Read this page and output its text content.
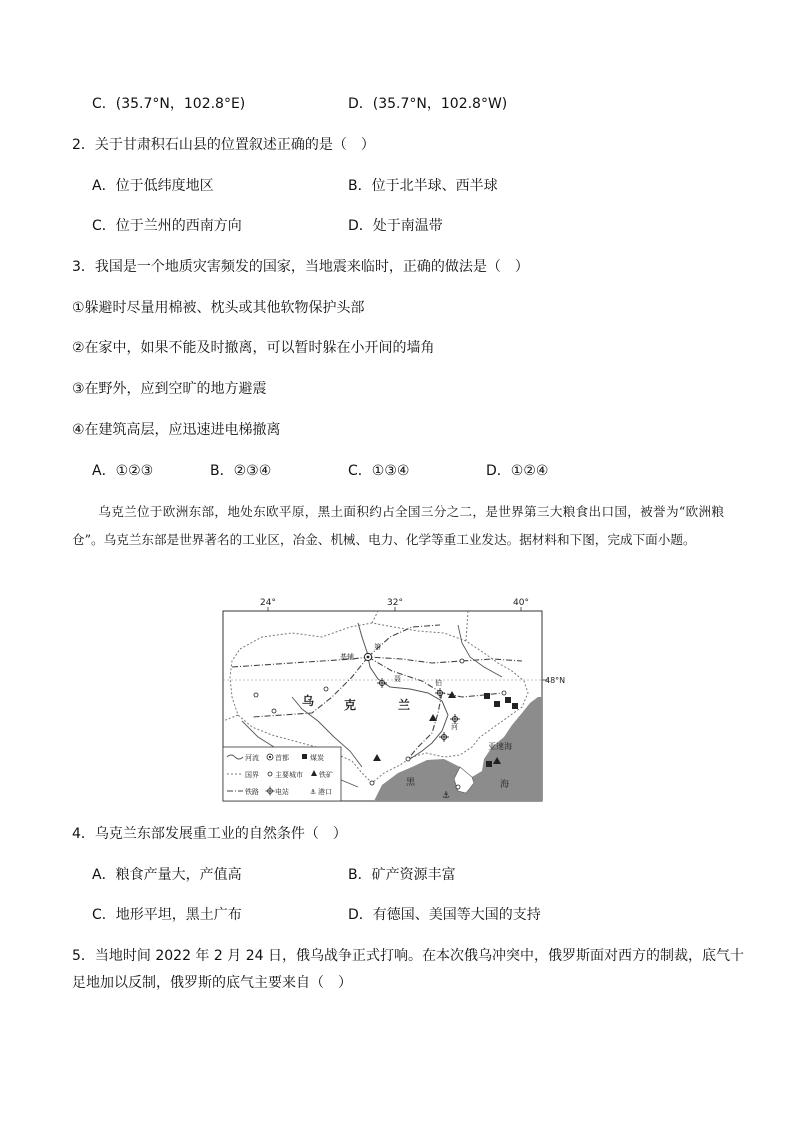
C．(35.7°N，102.8°E)	D．(35.7°N，102.8°W)
2．关于甘肃积石山县的位置叙述正确的是（　）
A．位于低纬度地区	B．位于北半球、西半球
C．位于兰州的西南方向	D．处于南温带
3．我国是一个地质灾害频发的国家，当地震来临时，正确的做法是（　）
①躲避时尽量用棉被、枕头或其他软物保护头部
②在家中，如果不能及时撤离，可以暂时躲在小开间的墙角
③在野外，应到空旷的地方避震
④在建筑高层，应迅速进电梯撤离
A．①②③	B．②③④	C．①③④	D．①②④
乌克兰位于欧洲东部，地处东欧平原，黑土面积约占全国三分之二，是世界第三大粮食出口国，被誉为“欧洲粮仓”。乌克兰东部是世界著名的工业区，冶金、机械、电力、化学等重工业发达。据材料和下图，完成下面小题。
24°	32°	40°
⚓
基辅
第
聂	伯
河
乌 克	兰
亚速海
黑	海
48°N
河流 首都	煤炭
国界 主要城市 铁矿
铁路 电站	⚓ 港口
4．乌克兰东部发展重工业的自然条件（　）
A．粮食产量大，产值高	B．矿产资源丰富
C．地形平坦，黑土广布	D．有德国、美国等大国的支持
5．当地时间 2022 年 2 月 24 日，俄乌战争正式打响。在本次俄乌冲突中，俄罗斯面对西方的制裁，底气十
足地加以反制，俄罗斯的底气主要来自（　）
